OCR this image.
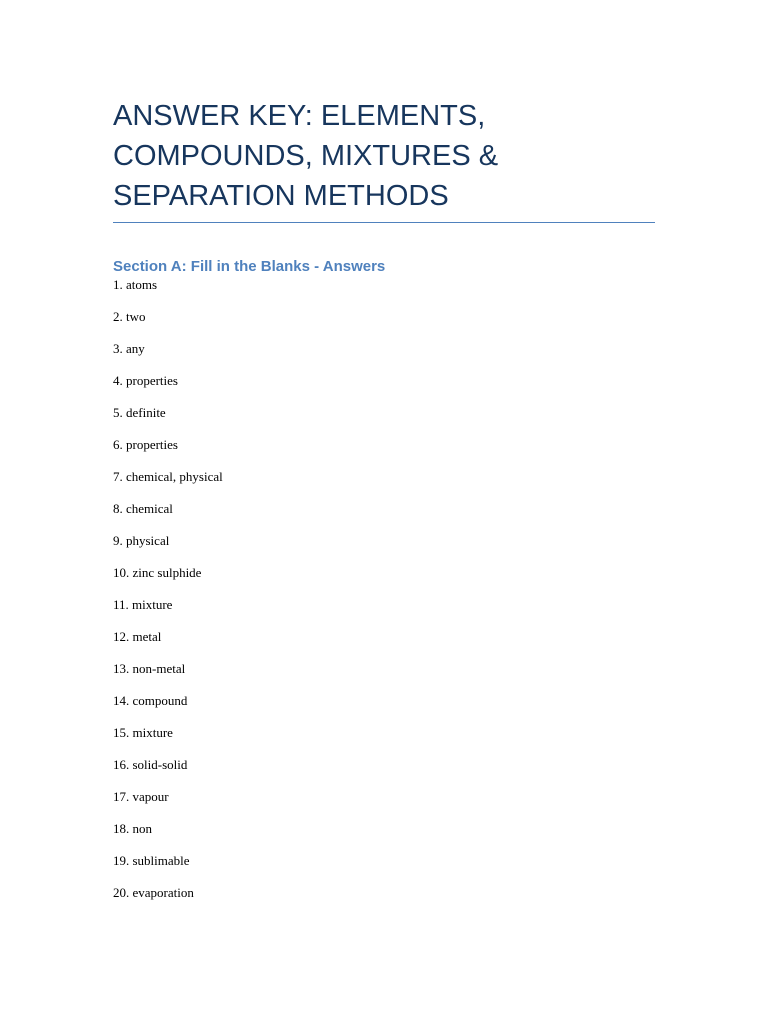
ANSWER KEY: ELEMENTS, COMPOUNDS, MIXTURES & SEPARATION METHODS
Section A: Fill in the Blanks - Answers
1. atoms
2. two
3. any
4. properties
5. definite
6. properties
7. chemical, physical
8. chemical
9. physical
10. zinc sulphide
11. mixture
12. metal
13. non-metal
14. compound
15. mixture
16. solid-solid
17. vapour
18. non
19. sublimable
20. evaporation
